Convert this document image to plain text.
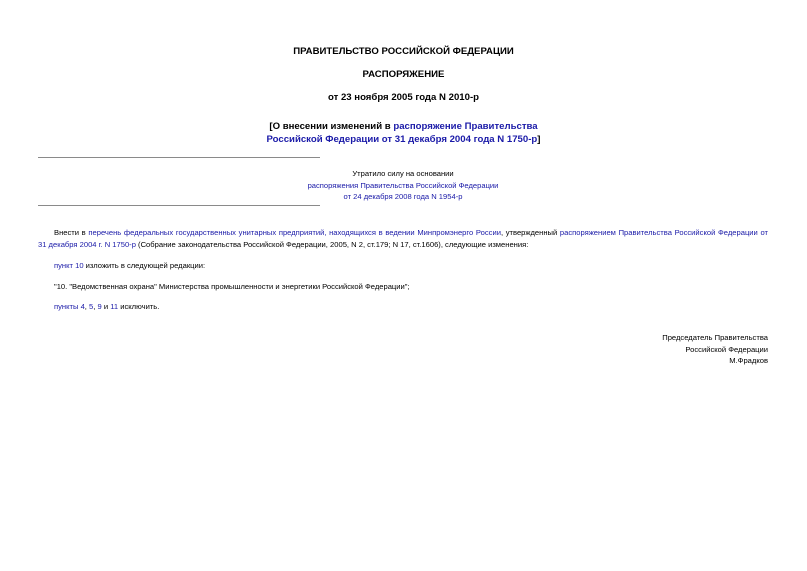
ПРАВИТЕЛЬСТВО РОССИЙСКОЙ ФЕДЕРАЦИИ
РАСПОРЯЖЕНИЕ
от 23 ноября 2005 года N 2010-р
[О внесении изменений в распоряжение Правительства
Российской Федерации от 31 декабря 2004 года N 1750-р]
Утратило силу на основании
распоряжения Правительства Российской Федерации
от 24 декабря 2008 года N 1954-р
Внести в перечень федеральных государственных унитарных предприятий, находящихся в ведении Минпромэнерго России, утвержденный распоряжением Правительства Российской Федерации от 31 декабря 2004 г. N 1750-р (Собрание законодательства Российской Федерации, 2005, N 2, ст.179; N 17, ст.1606), следующие изменения:
пункт 10 изложить в следующей редакции:
"10. "Ведомственная охрана" Министерства промышленности и энергетики Российской Федерации";
пункты 4, 5, 9 и 11 исключить.
Председатель Правительства
Российской Федерации
М.Фрадков
